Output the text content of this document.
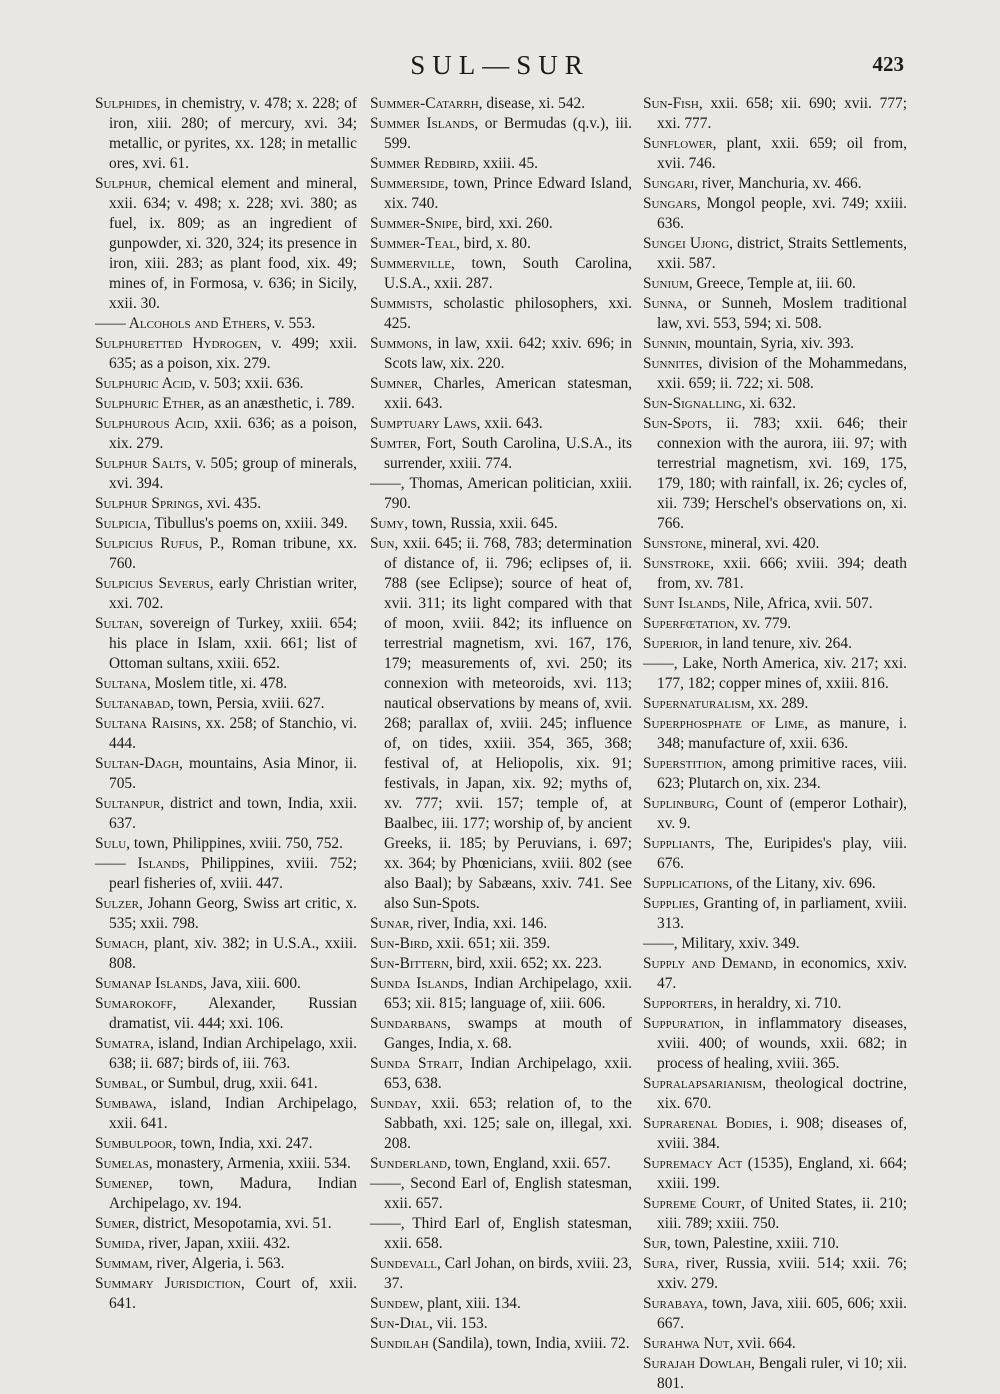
SUL—SUR	423

Sulphides, in chemistry, v. 478; x. 228; of iron, xiii. 280; of mercury, xvi. 34; metallic, or pyrites, xx. 128; in metallic ores, xvi. 61.

Sulphur, chemical element and mineral, xxii. 634; v. 498; x. 228; xvi. 380; as fuel, ix. 809; as an ingredient of gunpowder, xi. 320, 324; its presence in iron, xiii. 283; as plant food, xix. 49; mines of, in Formosa, v. 636; in Sicily, xxii. 30.

—— Alcohols and Ethers, v. 553.

Sulphuretted Hydrogen, v. 499; xxii. 635; as a poison, xix. 279.

Sulphuric Acid, v. 503; xxii. 636.

Sulphuric Ether, as an anæsthetic, i. 789.

Sulphurous Acid, xxii. 636; as a poison, xix. 279.

Sulphur Salts, v. 505; group of minerals, xvi. 394.

Sulphur Springs, xvi. 435.

Sulpicia, Tibullus's poems on, xxiii. 349.

Sulpicius Rufus, P., Roman tribune, xx. 760.

Sulpicius Severus, early Christian writer, xxi. 702.

Sultan, sovereign of Turkey, xxiii. 654; his place in Islam, xxii. 661; list of Ottoman sultans, xxiii. 652.

Sultana, Moslem title, xi. 478.

Sultanabad, town, Persia, xviii. 627.

Sultana Raisins, xx. 258; of Stanchio, vi. 444.

Sultan-Dagh, mountains, Asia Minor, ii. 705.

Sultanpur, district and town, India, xxii. 637.

Sulu, town, Philippines, xviii. 750, 752.

—— Islands, Philippines, xviii. 752; pearl fisheries of, xviii. 447.

Sulzer, Johann Georg, Swiss art critic, x. 535; xxii. 798.

Sumach, plant, xiv. 382; in U.S.A., xxiii. 808.

Sumanap Islands, Java, xiii. 600.

Sumarokoff, Alexander, Russian dramatist, vii. 444; xxi. 106.

Sumatra, island, Indian Archipelago, xxii. 638; ii. 687; birds of, iii. 763.

Sumbal, or Sumbul, drug, xxii. 641.

Sumbawa, island, Indian Archipelago, xxii. 641.

Sumbulpoor, town, India, xxi. 247.

Sumelas, monastery, Armenia, xxiii. 534.

Sumenep, town, Madura, Indian Archipelago, xv. 194.

Sumer, district, Mesopotamia, xvi. 51.

Sumida, river, Japan, xxiii. 432.

Summam, river, Algeria, i. 563.

Summary Jurisdiction, Court of, xxii. 641.

Summer-Catarrh, disease, xi. 542.

Summer Islands, or Bermudas (q.v.), iii. 599.

Summer Redbird, xxiii. 45.

Summerside, town, Prince Edward Island, xix. 740.

Summer-Snipe, bird, xxi. 260.

Summer-Teal, bird, x. 80.

Summerville, town, South Carolina, U.S.A., xxii. 287.

Summists, scholastic philosophers, xxi. 425.

Summons, in law, xxii. 642; xxiv. 696; in Scots law, xix. 220.

Sumner, Charles, American statesman, xxii. 643.

Sumptuary Laws, xxii. 643.

Sumter, Fort, South Carolina, U.S.A., its surrender, xxiii. 774.

——, Thomas, American politician, xxiii. 790.

Sumy, town, Russia, xxii. 645.

Sun, xxii. 645; ii. 768, 783; determination of distance of, ii. 796; eclipses of, ii. 788 (see Eclipse); source of heat of, xvii. 311; its light compared with that of moon, xviii. 842; its influence on terrestrial magnetism, xvi. 167, 176, 179; measurements of, xvi. 250; its connexion with meteoroids, xvi. 113; nautical observations by means of, xvii. 268; parallax of, xviii. 245; influence of, on tides, xxiii. 354, 365, 368; festival of, at Heliopolis, xix. 91; festivals, in Japan, xix. 92; myths of, xv. 777; xvii. 157; temple of, at Baalbec, iii. 177; worship of, by ancient Greeks, ii. 185; by Peruvians, i. 697; xx. 364; by Phœnicians, xviii. 802 (see also Baal); by Sabæans, xxiv. 741. See also Sun-Spots.

Sunar, river, India, xxi. 146.

Sun-Bird, xxii. 651; xii. 359.

Sun-Bittern, bird, xxii. 652; xx. 223.

Sunda Islands, Indian Archipelago, xxii. 653; xii. 815; language of, xiii. 606.

Sundarbans, swamps at mouth of Ganges, India, x. 68.

Sunda Strait, Indian Archipelago, xxii. 653, 638.

Sunday, xxii. 653; relation of, to the Sabbath, xxi. 125; sale on, illegal, xxi. 208.

Sunderland, town, England, xxii. 657.

——, Second Earl of, English statesman, xxii. 657.

——, Third Earl of, English statesman, xxii. 658.

Sundevall, Carl Johan, on birds, xviii. 23, 37.

Sundew, plant, xiii. 134.

Sun-Dial, vii. 153.

Sundilah (Sandila), town, India, xviii. 72.

Sun-Fish, xxii. 658; xii. 690; xvii. 777; xxi. 777.

Sunflower, plant, xxii. 659; oil from, xvii. 746.

Sungari, river, Manchuria, xv. 466.

Sungars, Mongol people, xvi. 749; xxiii. 636.

Sungei Ujong, district, Straits Settlements, xxii. 587.

Sunium, Greece, Temple at, iii. 60.

Sunna, or Sunneh, Moslem traditional law, xvi. 553, 594; xi. 508.

Sunnin, mountain, Syria, xiv. 393.

Sunnites, division of the Mohammedans, xxii. 659; ii. 722; xi. 508.

Sun-Signalling, xi. 632.

Sun-Spots, ii. 783; xxii. 646; their connexion with the aurora, iii. 97; with terrestrial magnetism, xvi. 169, 175, 179, 180; with rainfall, ix. 26; cycles of, xii. 739; Herschel's observations on, xi. 766.

Sunstone, mineral, xvi. 420.

Sunstroke, xxii. 666; xviii. 394; death from, xv. 781.

Sunt Islands, Nile, Africa, xvii. 507.

Superfœtation, xv. 779.

Superior, in land tenure, xiv. 264.

——, Lake, North America, xiv. 217; xxi. 177, 182; copper mines of, xxiii. 816.

Supernaturalism, xx. 289.

Superphosphate of Lime, as manure, i. 348; manufacture of, xxii. 636.

Superstition, among primitive races, viii. 623; Plutarch on, xix. 234.

Suplinburg, Count of (emperor Lothair), xv. 9.

Suppliants, The, Euripides's play, viii. 676.

Supplications, of the Litany, xiv. 696.

Supplies, Granting of, in parliament, xviii. 313.

——, Military, xxiv. 349.

Supply and Demand, in economics, xxiv. 47.

Supporters, in heraldry, xi. 710.

Suppuration, in inflammatory diseases, xviii. 400; of wounds, xxii. 682; in process of healing, xviii. 365.

Supralapsarianism, theological doctrine, xix. 670.

Suprarenal Bodies, i. 908; diseases of, xviii. 384.

Supremacy Act (1535), England, xi. 664; xxiii. 199.

Supreme Court, of United States, ii. 210; xiii. 789; xxiii. 750.

Sur, town, Palestine, xxiii. 710.

Sura, river, Russia, xviii. 514; xxii. 76; xxiv. 279.

Surabaya, town, Java, xiii. 605, 606; xxii. 667.

Surahwa Nut, xvii. 664.

Surajah Dowlah, Bengali ruler, vi 10; xii. 801.
